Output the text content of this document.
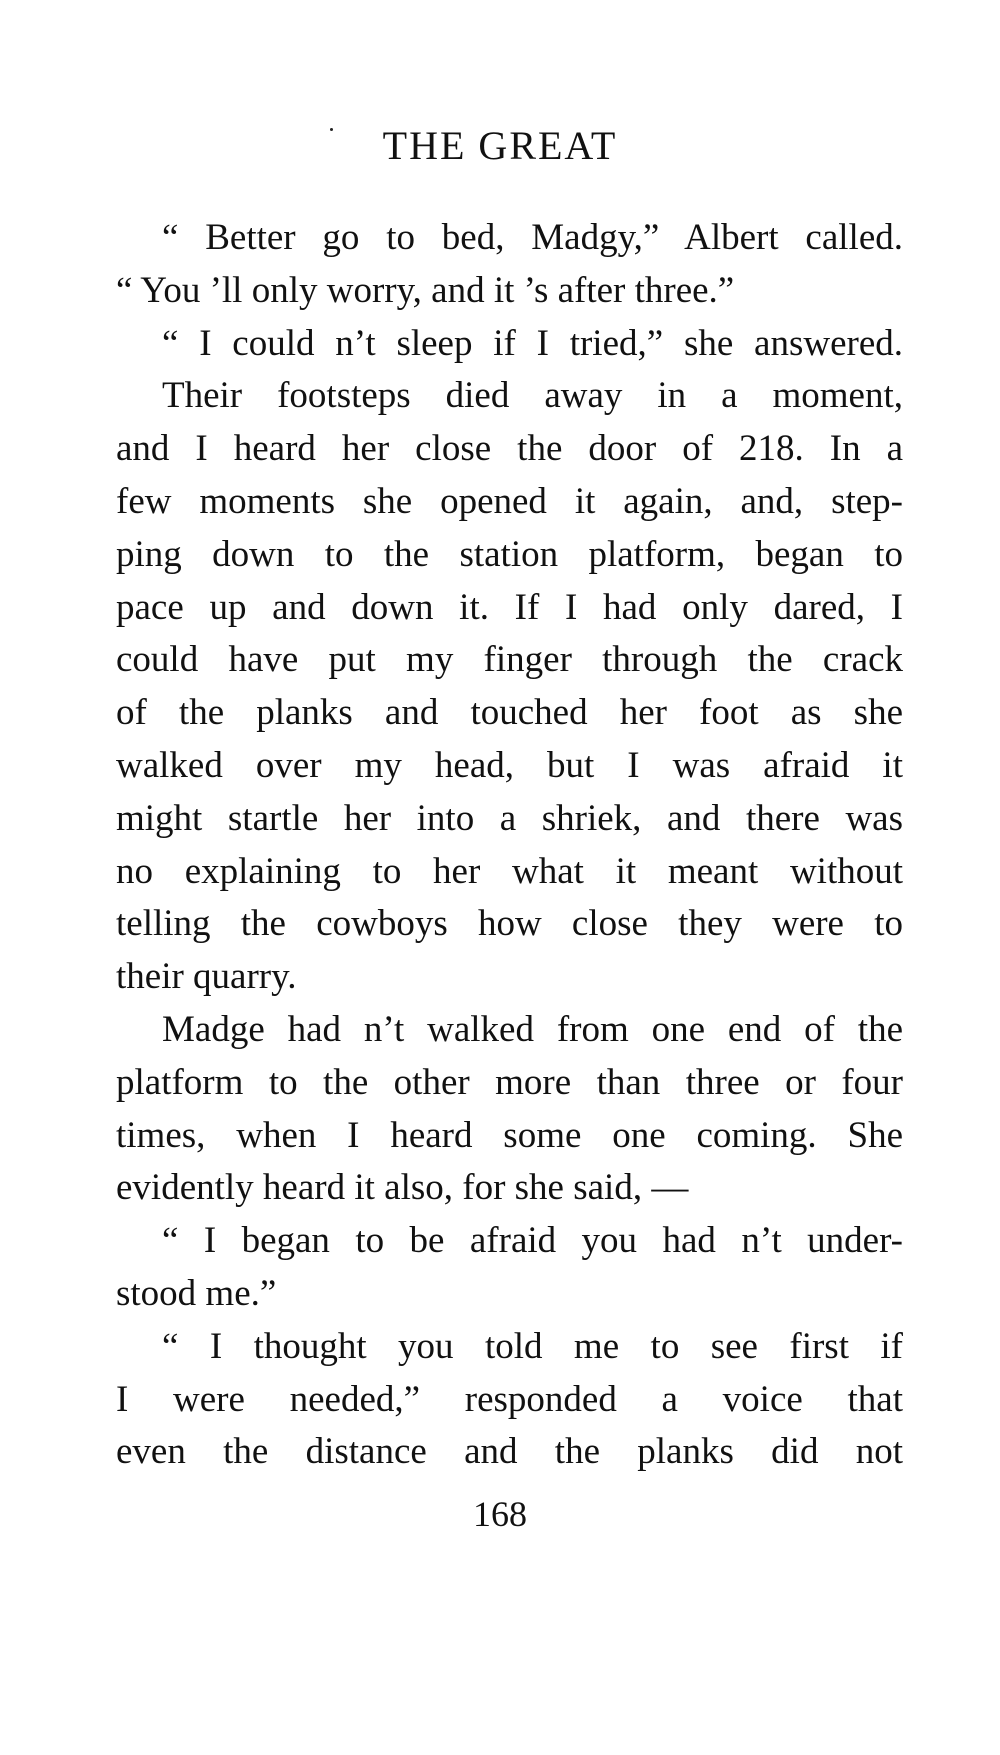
THE GREAT
“ Better go to bed, Madgy,” Albert called.
“ You ’ll only worry, and it ’s after three.”
“ I could n’t sleep if I tried,” she answered.
Their footsteps died away in a moment,
and I heard her close the door of 218. In a
few moments she opened it again, and, step-
ping down to the station platform, began to
pace up and down it. If I had only dared, I
could have put my finger through the crack
of the planks and touched her foot as she
walked over my head, but I was afraid it
might startle her into a shriek, and there was
no explaining to her what it meant without
telling the cowboys how close they were to
their quarry.
Madge had n’t walked from one end of the
platform to the other more than three or four
times, when I heard some one coming. She
evidently heard it also, for she said, —
“ I began to be afraid you had n’t under-
stood me.”
“ I thought you told me to see first if
I were needed,” responded a voice that
even the distance and the planks did not
168
